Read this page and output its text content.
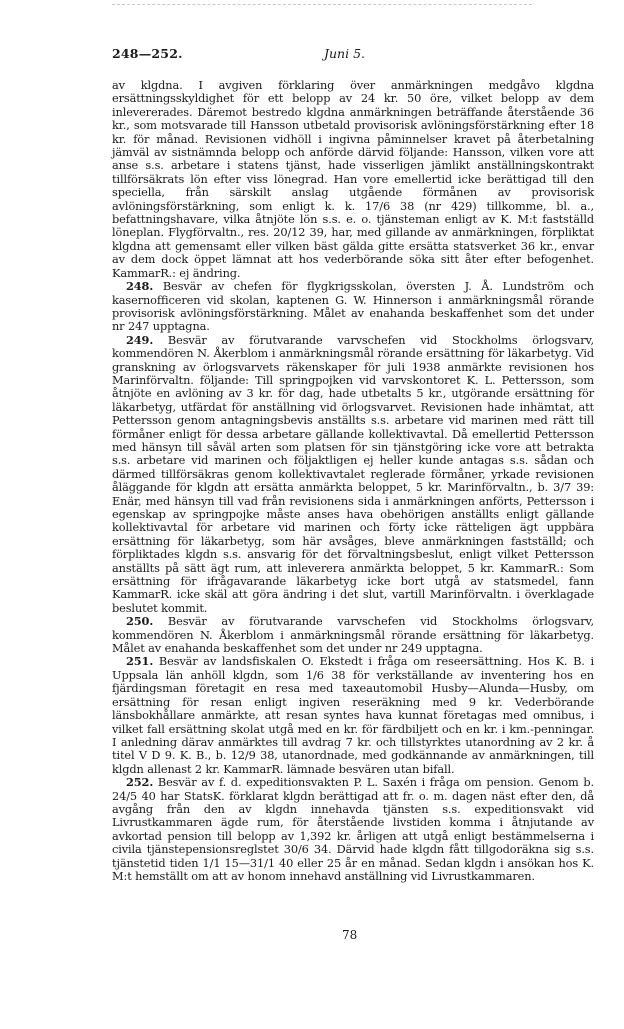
248—252.	Juni 5.

av klgdna. I avgiven förklaring över anmärkningen medgåvo klgdna ersättningsskyldighet för ett belopp av 24 kr. 50 öre, vilket belopp av dem inlevererades. Däremot bestredo klgdna anmärkningen beträffande återstående 36 kr., som motsvarade till Hansson utbetald provisorisk avlöningsförstärkning efter 18 kr. för månad. Revisionen vidhöll i ingivna påminnelser kravet på återbetalning jämväl av sistnämnda belopp och anförde därvid följande: Hansson, vilken vore att anse s.s. arbetare i statens tjänst, hade visserligen jämlikt anställningskontrakt tillförsäkrats lön efter viss lönegrad. Han vore emellertid icke berättigad till den speciella, från särskilt anslag utgående förmånen av provisorisk avlöningsförstärkning, som enligt k. k. 17/6 38 (nr 429) tillkomme, bl. a., befattningshavare, vilka åtnjöte lön s.s. e. o. tjänsteman enligt av K. M:t fastställd löneplan. Flygförvaltn., res. 20/12 39, har, med gillande av anmärkningen, förpliktat klgdna att gemensamt eller vilken bäst gälda gitte ersätta statsverket 36 kr., envar av dem dock öppet lämnat att hos vederbörande söka sitt åter efter befogenhet. KammarR.: ej ändring.

248. Besvär av chefen för flygkrigsskolan, översten J. Å. Lundström och kasernofficeren vid skolan, kaptenen G. W. Hinnerson i anmärkningsmål rörande provisorisk avlöningsförstärkning. Målet av enahanda beskaffenhet som det under nr 247 upptagna.

249. Besvär av förutvarande varvschefen vid Stockholms örlogsvarv, kommendören N. Åkerblom i anmärkningsmål rörande ersättning för läkarbetyg. Vid granskning av örlogsvarvets räkenskaper för juli 1938 anmärkte revisionen hos Marinförvaltn. följande: Till springpojken vid varvskontoret K. L. Pettersson, som åtnjöte en avlöning av 3 kr. för dag, hade utbetalts 5 kr., utgörande ersättning för läkarbetyg, utfärdat för anställning vid örlogsvarvet. Revisionen hade inhämtat, att Pettersson genom antagningsbevis anställts s.s. arbetare vid marinen med rätt till förmåner enligt för dessa arbetare gällande kollektivavtal. Då emellertid Pettersson med hänsyn till såväl arten som platsen för sin tjänstgöring icke vore att betrakta s.s. arbetare vid marinen och följaktligen ej heller kunde antagas s.s. sådan och därmed tillförsäkras genom kollektivavtalet reglerade förmåner, yrkade revisionen åläggande för klgdn att ersätta anmärkta beloppet, 5 kr. Marinförvaltn., b. 3/7 39: Enär, med hänsyn till vad från revisionens sida i anmärkningen anförts, Pettersson i egenskap av springpojke måste anses hava obehörigen anställts enligt gällande kollektivavtal för arbetare vid marinen och förty icke rätteligen ägt uppbära ersättning för läkarbetyg, som här avsåges, bleve anmärkningen fastställd; och förpliktades klgdn s.s. ansvarig för det förvaltningsbeslut, enligt vilket Pettersson anställts på sätt ägt rum, att inleverera anmärkta beloppet, 5 kr. KammarR.: Som ersättning för ifrågavarande läkarbetyg icke bort utgå av statsmedel, fann KammarR. icke skäl att göra ändring i det slut, vartill Marinförvaltn. i överklagade beslutet kommit.

250. Besvär av förutvarande varvschefen vid Stockholms örlogsvarv, kommendören N. Åkerblom i anmärkningsmål rörande ersättning för läkarbetyg. Målet av enahanda beskaffenhet som det under nr 249 upptagna.

251. Besvär av landsfiskalen O. Ekstedt i fråga om reseersättning. Hos K. B. i Uppsala län anhöll klgdn, som 1/6 38 för verkställande av inventering hos en fjärdingsman företagit en resa med taxeautomobil Husby—Alunda—Husby, om ersättning för resan enligt ingiven reseräkning med 9 kr. Vederbörande länsbokhållare anmärkte, att resan syntes hava kunnat företagas med omnibus, i vilket fall ersättning skolat utgå med en kr. för färdbiljett och en kr. i km.-penningar. I anledning därav anmärktes till avdrag 7 kr. och tillstyrktes utanordning av 2 kr. å titel V D 9. K. B., b. 12/9 38, utanordnade, med godkännande av anmärkningen, till klgdn allenast 2 kr. KammarR. lämnade besvären utan bifall.

252. Besvär av f. d. expeditionsvakten P. L. Saxén i fråga om pension. Genom b. 24/5 40 har StatsK. förklarat klgdn berättigad att fr. o. m. dagen näst efter den, då avgång från den av klgdn innehavda tjänsten s.s. expeditionsvakt vid Livrustkammaren ägde rum, för återstående livstiden komma i åtnjutande av avkortad pension till belopp av 1,392 kr. årligen att utgå enligt bestämmelserna i civila tjänstepensionsreglstet 30/6 34. Därvid hade klgdn fått tillgodoräkna sig s.s. tjänstetid tiden 1/1 15—31/1 40 eller 25 år en månad. Sedan klgdn i ansökan hos K. M:t hemställt om att av honom innehavd anställning vid Livrustkammaren.

78
